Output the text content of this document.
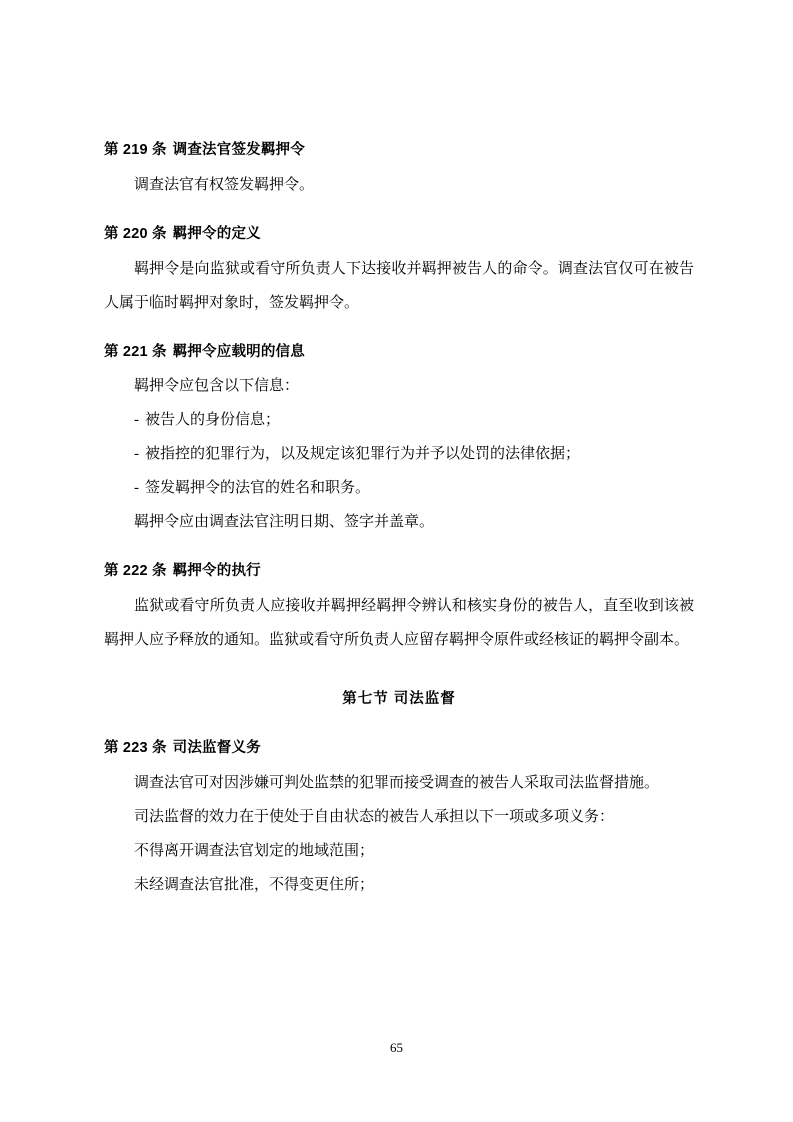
第 219 条 调查法官签发羁押令

调查法官有权签发羁押令。

第 220 条 羁押令的定义

羁押令是向监狱或看守所负责人下达接收并羁押被告人的命令。调查法官仅可在被告人属于临时羁押对象时，签发羁押令。

第 221 条 羁押令应载明的信息

羁押令应包含以下信息：

- 被告人的身份信息；

- 被指控的犯罪行为，以及规定该犯罪行为并予以处罚的法律依据；

- 签发羁押令的法官的姓名和职务。

羁押令应由调查法官注明日期、签字并盖章。

第 222 条 羁押令的执行

监狱或看守所负责人应接收并羁押经羁押令辨认和核实身份的被告人，直至收到该被羁押人应予释放的通知。监狱或看守所负责人应留存羁押令原件或经核证的羁押令副本。

第七节 司法监督
第 223 条 司法监督义务

调查法官可对因涉嫌可判处监禁的犯罪而接受调查的被告人采取司法监督措施。

司法监督的效力在于使处于自由状态的被告人承担以下一项或多项义务：

不得离开调查法官划定的地域范围；

未经调查法官批准，不得变更住所；

65
